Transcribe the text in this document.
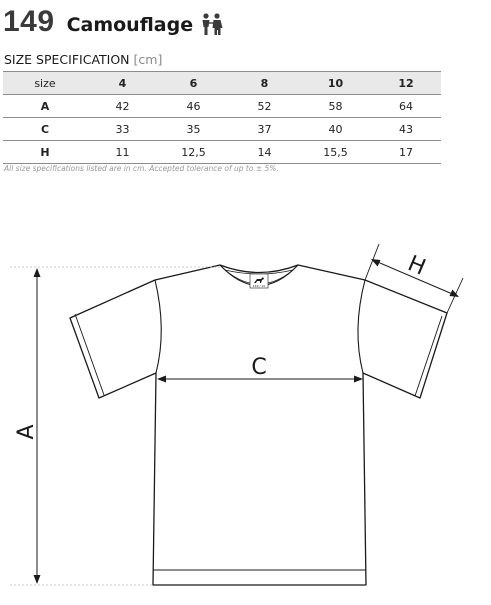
149 Camouflage
SIZE SPECIFICATION [cm]
size	4	6	8	10	12
A	42	46	52	58	64
C	33	35	37	40	43
H	11	12,5	14	15,5	17
All size specifications listed are in cm. Accepted tolerance of up to ± 5%.
149 / 10
A
C
H
